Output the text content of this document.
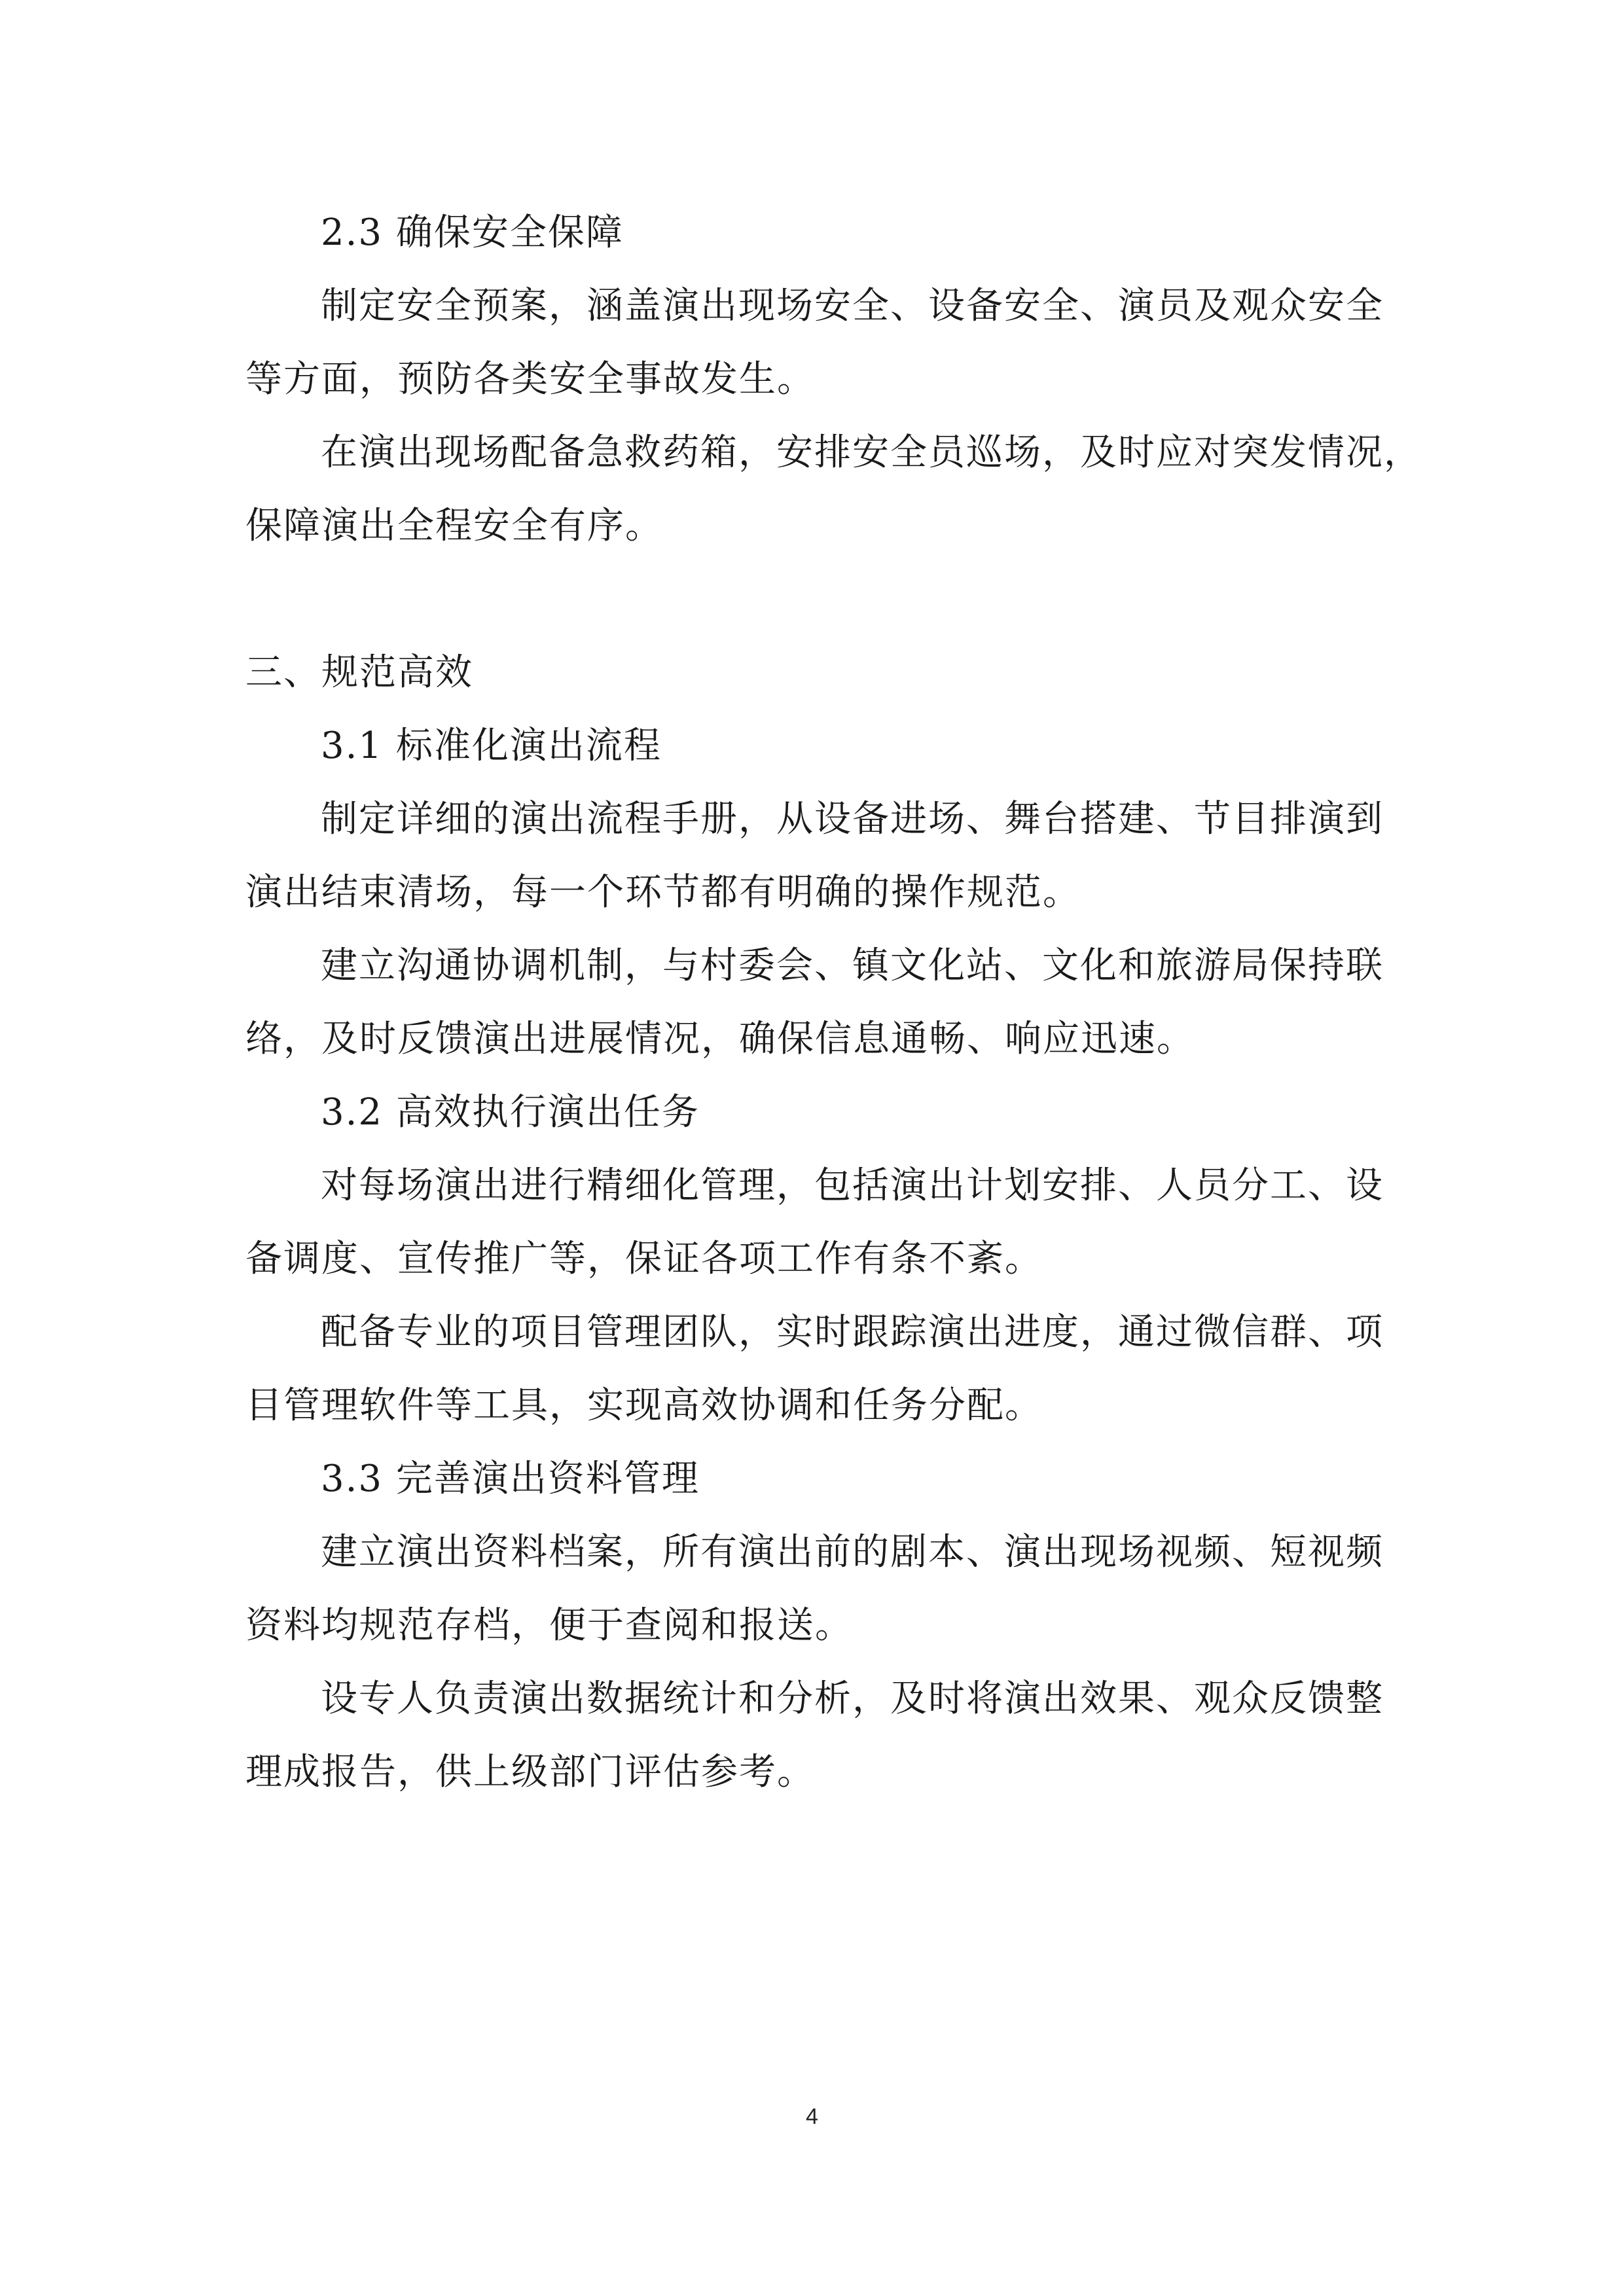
2.3 确保安全保障
制定安全预案，涵盖演出现场安全、设备安全、演员及观众安全
等方面，预防各类安全事故发生。
在演出现场配备急救药箱，安排安全员巡场，及时应对突发情况，
保障演出全程安全有序。
三、规范高效
3.1 标准化演出流程
制定详细的演出流程手册，从设备进场、舞台搭建、节目排演到
演出结束清场，每一个环节都有明确的操作规范。
建立沟通协调机制，与村委会、镇文化站、文化和旅游局保持联
络，及时反馈演出进展情况，确保信息通畅、响应迅速。
3.2 高效执行演出任务
对每场演出进行精细化管理，包括演出计划安排、人员分工、设
备调度、宣传推广等，保证各项工作有条不紊。
配备专业的项目管理团队，实时跟踪演出进度，通过微信群、项
目管理软件等工具，实现高效协调和任务分配。
3.3 完善演出资料管理
建立演出资料档案，所有演出前的剧本、演出现场视频、短视频
资料均规范存档，便于查阅和报送。
设专人负责演出数据统计和分析，及时将演出效果、观众反馈整
理成报告，供上级部门评估参考。
4
